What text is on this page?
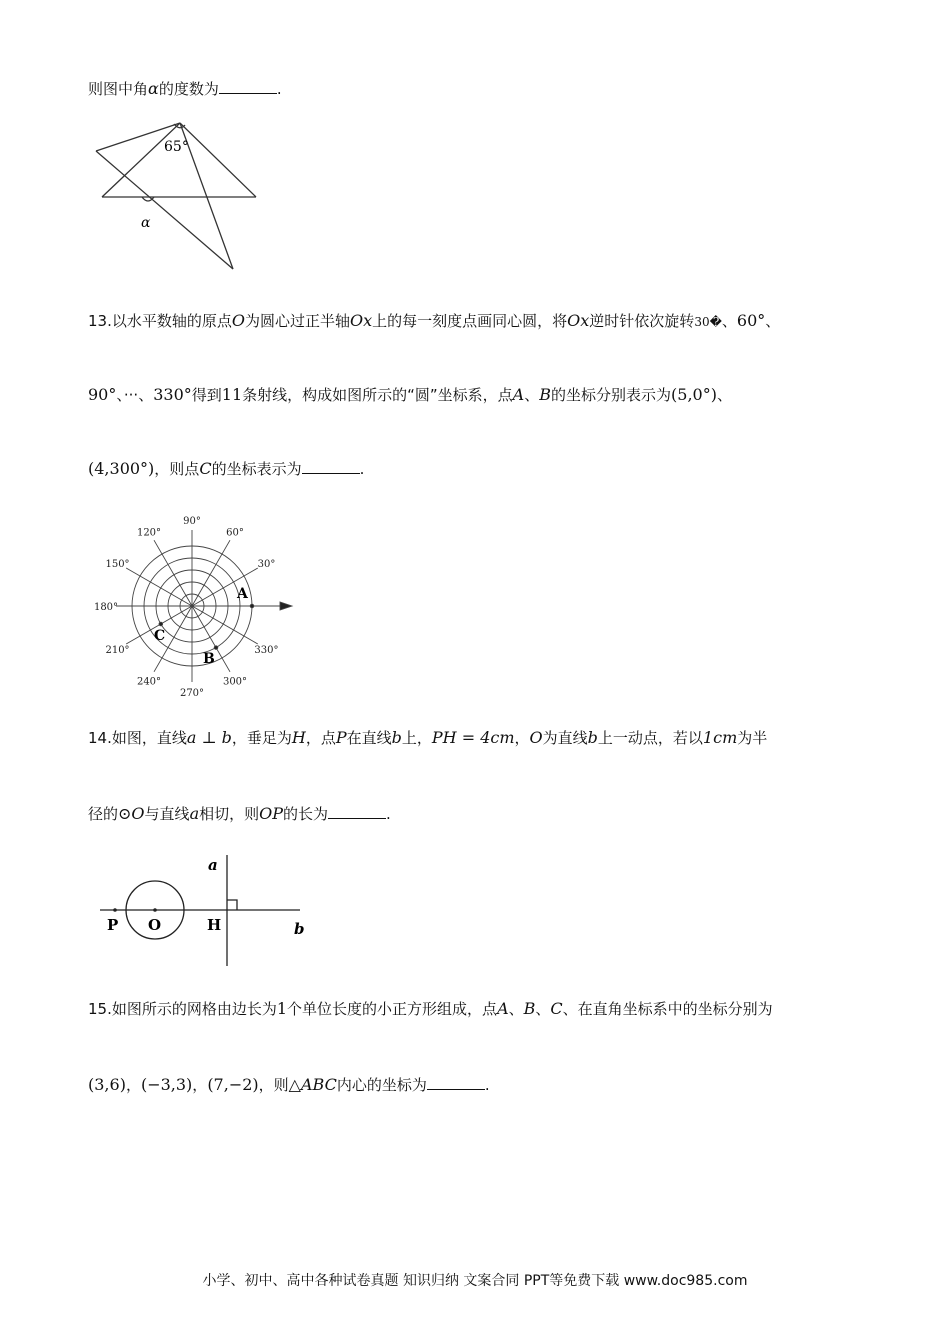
则图中角α的度数为	.
65°
α
13.以水平数轴的原点O为圆心过正半轴Ox上的每一刻度点画同心圆，将Ox逆时针依次旋转30�、60°、
90°、···、330°得到11条射线，构成如图所示的“圆”坐标系，点A、B的坐标分别表示为(5,0°)、
(4,300°)，则点C的坐标表示为	.
90°
60°
30°
120°
150°
180°
210°
240°
270°
300°
330°
A
B
C
14.如图，直线a ⊥ b，垂足为H，点P在直线b上，PH = 4cm，O为直线b上一动点，若以1cm为半
径的⊙O与直线a相切，则OP的长为	.
a
P O	H	b
15.如图所示的网格由边长为1个单位长度的小正方形组成，点A、B、C、在直角坐标系中的坐标分别为
(3,6)，(−3,3)，(7,−2)，则△ABC内心的坐标为	.
小学、初中、高中各种试卷真题 知识归纳 文案合同 PPT等免费下载 www.doc985.com
